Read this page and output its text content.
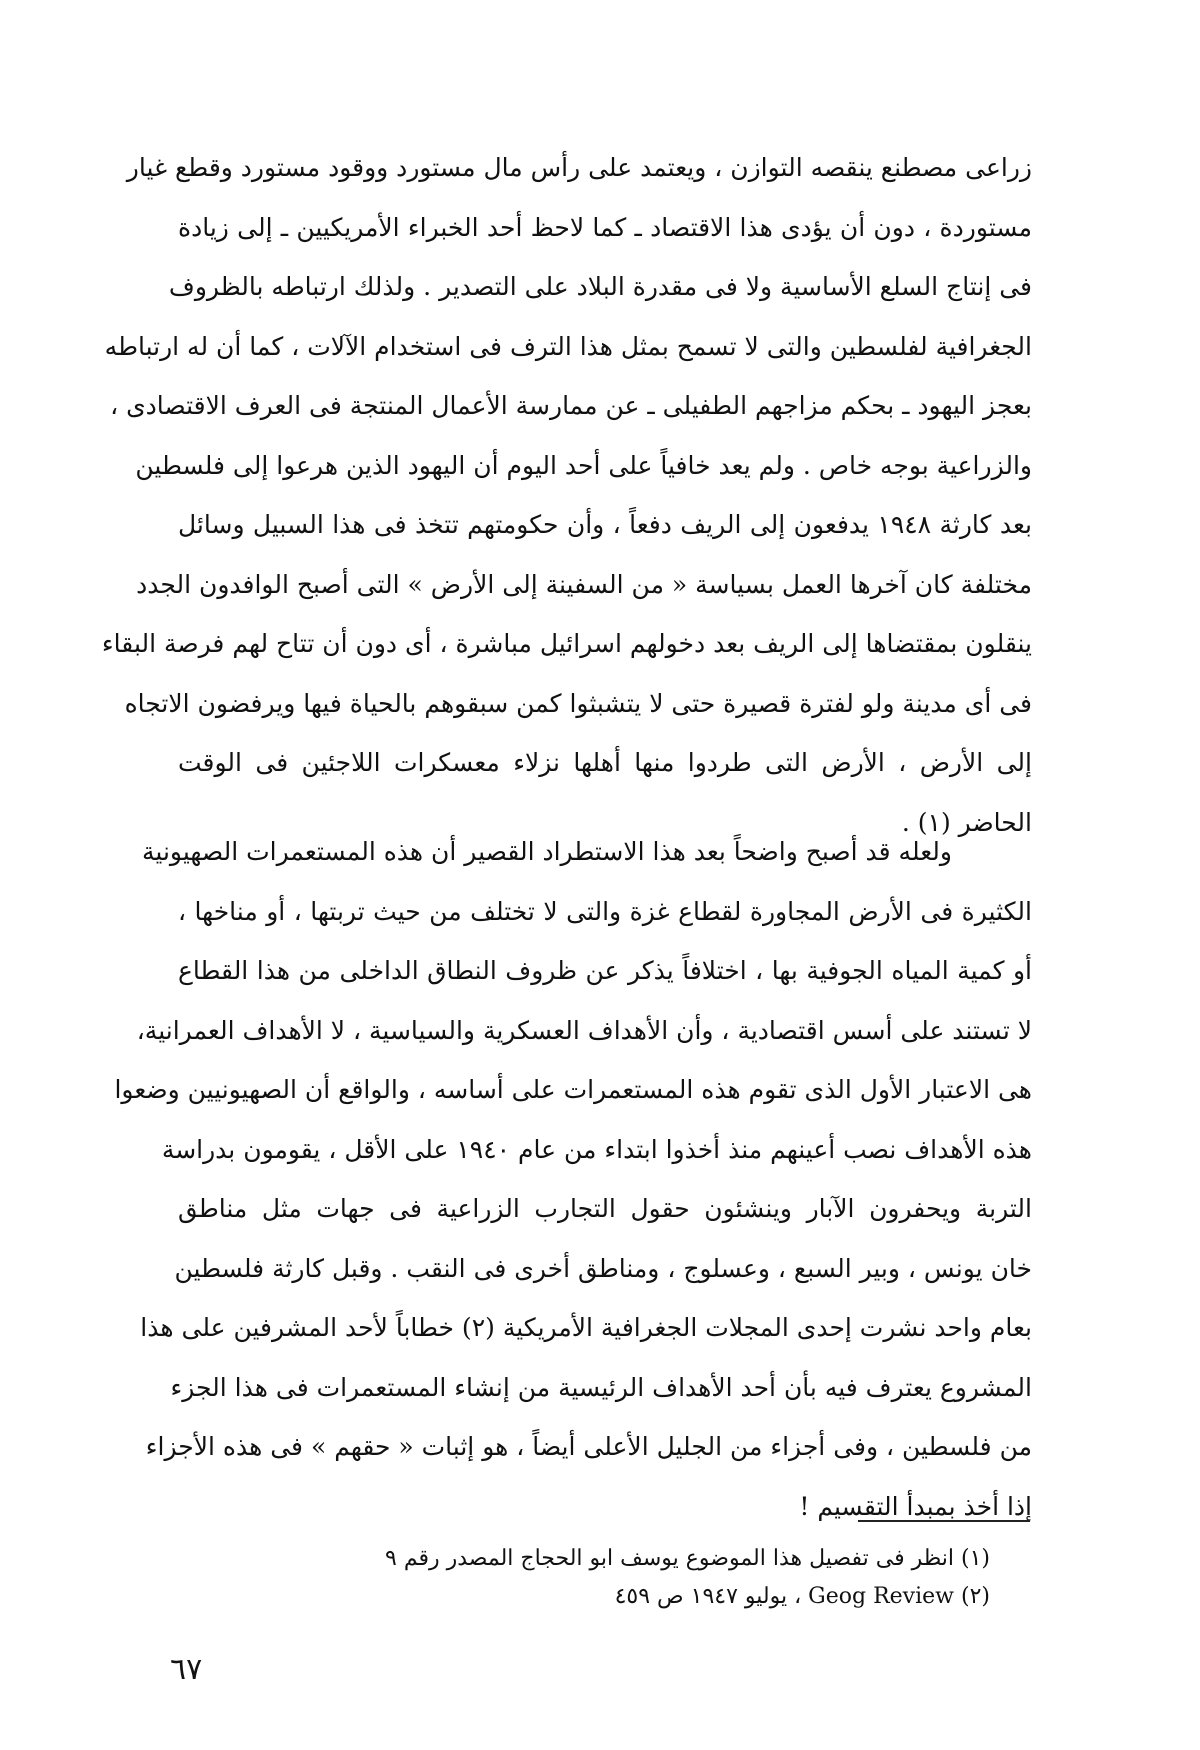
زراعى مصطنع ينقصه التوازن ، ويعتمد على رأس مال مستورد ووقود مستورد وقطع غيار
مستوردة ، دون أن يؤدى هذا الاقتصاد ـ كما لاحظ أحد الخبراء الأمريكيين ـ إلى زيادة
فى إنتاج السلع الأساسية ولا فى مقدرة البلاد على التصدير . ولذلك ارتباطه بالظروف
الجغرافية لفلسطين والتى لا تسمح بمثل هذا الترف فى استخدام الآلات ، كما أن له ارتباطه
بعجز اليهود ـ بحكم مزاجهم الطفيلى ـ عن ممارسة الأعمال المنتجة فى العرف الاقتصادى ،
والزراعية بوجه خاص . ولم يعد خافياً على أحد اليوم أن اليهود الذين هرعوا إلى فلسطين
بعد كارثة ١٩٤٨ يدفعون إلى الريف دفعاً ، وأن حكومتهم تتخذ فى هذا السبيل وسائل
مختلفة كان آخرها العمل بسياسة « من السفينة إلى الأرض » التى أصبح الوافدون الجدد
ينقلون بمقتضاها إلى الريف بعد دخولهم اسرائيل مباشرة ، أى دون أن تتاح لهم فرصة البقاء
فى أى مدينة ولو لفترة قصيرة حتى لا يتشبثوا كمن سبقوهم بالحياة فيها ويرفضون الاتجاه
إلى الأرض ، الأرض التى طردوا منها أهلها نزلاء معسكرات اللاجئين فى الوقت
الحاضر (١) .
ولعله قد أصبح واضحاً بعد هذا الاستطراد القصير أن هذه المستعمرات الصهيونية
الكثيرة فى الأرض المجاورة لقطاع غزة والتى لا تختلف من حيث تربتها ، أو مناخها ،
أو كمية المياه الجوفية بها ، اختلافاً يذكر عن ظروف النطاق الداخلى من هذا القطاع
لا تستند على أسس اقتصادية ، وأن الأهداف العسكرية والسياسية ، لا الأهداف العمرانية،
هى الاعتبار الأول الذى تقوم هذه المستعمرات على أساسه ، والواقع أن الصهيونيين وضعوا
هذه الأهداف نصب أعينهم منذ أخذوا ابتداء من عام ١٩٤٠ على الأقل ، يقومون بدراسة
التربة ويحفرون الآبار وينشئون حقول التجارب الزراعية فى جهات مثل مناطق
خان يونس ، وبير السبع ، وعسلوج ، ومناطق أخرى فى النقب . وقبل كارثة فلسطين
بعام واحد نشرت إحدى المجلات الجغرافية الأمريكية (٢) خطاباً لأحد المشرفين على هذا
المشروع يعترف فيه بأن أحد الأهداف الرئيسية من إنشاء المستعمرات فى هذا الجزء
من فلسطين ، وفى أجزاء من الجليل الأعلى أيضاً ، هو إثبات « حقهم » فى هذه الأجزاء
إذا أخذ بمبدأ التقسيم !
(١) انظر فى تفصيل هذا الموضوع يوسف ابو الحجاج المصدر رقم ٩
(٢) Geog Review ، يوليو ١٩٤٧ ص ٤٥٩
٦٧
